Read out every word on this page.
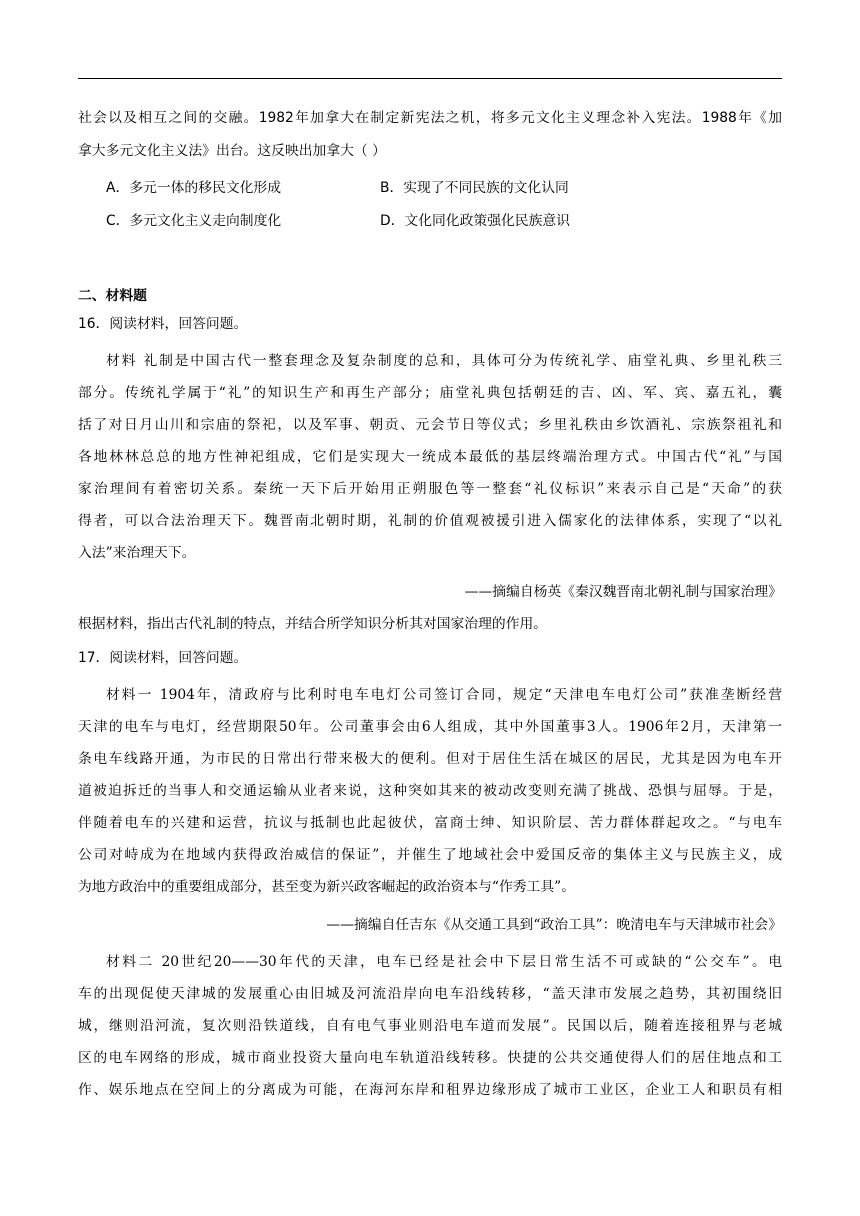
社会以及相互之间的交融。1982年加拿大在制定新宪法之机，将多元文化主义理念补入宪法。1988年《加
拿大多元文化主义法》出台。这反映出加拿大（ ）
A．多元一体的移民文化形成	B．实现了不同民族的文化认同
C．多元文化主义走向制度化	D．文化同化政策强化民族意识
二、材料题
16．阅读材料，回答问题。
材料 礼制是中国古代一整套理念及复杂制度的总和，具体可分为传统礼学、庙堂礼典、乡里礼秩三
部分。传统礼学属于“礼”的知识生产和再生产部分；庙堂礼典包括朝廷的吉、凶、军、宾、嘉五礼，囊
括了对日月山川和宗庙的祭祀，以及军事、朝贡、元会节日等仪式；乡里礼秩由乡饮酒礼、宗族祭祖礼和
各地林林总总的地方性神祀组成，它们是实现大一统成本最低的基层终端治理方式。中国古代“礼”与国
家治理间有着密切关系。秦统一天下后开始用正朔服色等一整套“礼仪标识”来表示自己是“天命”的获
得者，可以合法治理天下。魏晋南北朝时期，礼制的价值观被援引进入儒家化的法律体系，实现了“以礼
入法”来治理天下。
——摘编自杨英《秦汉魏晋南北朝礼制与国家治理》
根据材料，指出古代礼制的特点，并结合所学知识分析其对国家治理的作用。
17．阅读材料，回答问题。
材料一 1904年，清政府与比利时电车电灯公司签订合同，规定“天津电车电灯公司”获准垄断经营
天津的电车与电灯，经营期限50年。公司董事会由6人组成，其中外国董事3人。1906年2月，天津第一
条电车线路开通，为市民的日常出行带来极大的便利。但对于居住生活在城区的居民，尤其是因为电车开
道被迫拆迁的当事人和交通运输从业者来说，这种突如其来的被动改变则充满了挑战、恐惧与屈辱。于是，
伴随着电车的兴建和运营，抗议与抵制也此起彼伏，富商士绅、知识阶层、苦力群体群起攻之。“与电车
公司对峙成为在地域内获得政治威信的保证”，并催生了地域社会中爱国反帝的集体主义与民族主义，成
为地方政治中的重要组成部分，甚至变为新兴政客崛起的政治资本与“作秀工具”。
——摘编自任吉东《从交通工具到“政治工具”：晚清电车与天津城市社会》
材料二 20世纪20——30年代的天津，电车已经是社会中下层日常生活不可或缺的“公交车”。电
车的出现促使天津城的发展重心由旧城及河流沿岸向电车沿线转移，“盖天津市发展之趋势，其初围绕旧
城，继则沿河流，复次则沿铁道线，自有电气事业则沿电车道而发展”。民国以后，随着连接租界与老城
区的电车网络的形成，城市商业投资大量向电车轨道沿线转移。快捷的公共交通使得人们的居住地点和工
作、娱乐地点在空间上的分离成为可能，在海河东岸和租界边缘形成了城市工业区，企业工人和职员有相
